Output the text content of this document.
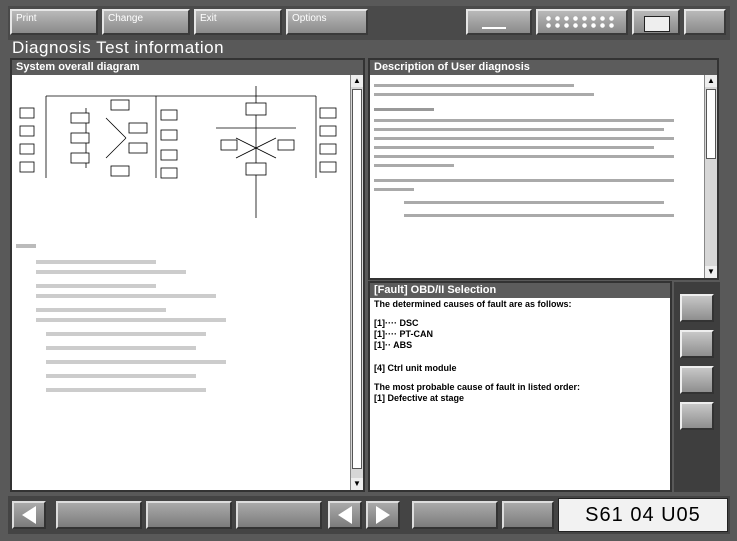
Print	Change	Exit	Options
Diagnosis Test information
System overall diagram
▲
▼
Description of User diagnosis
▲
▼
[Fault] OBD/II Selection

The determined causes of fault are as follows:

[1]···· DSC
[1]···· PT-CAN
[1]·· ABS

[4] Ctrl unit module

The most probable cause of fault in listed order:
[1] Defective at stage
S61 04 U05
